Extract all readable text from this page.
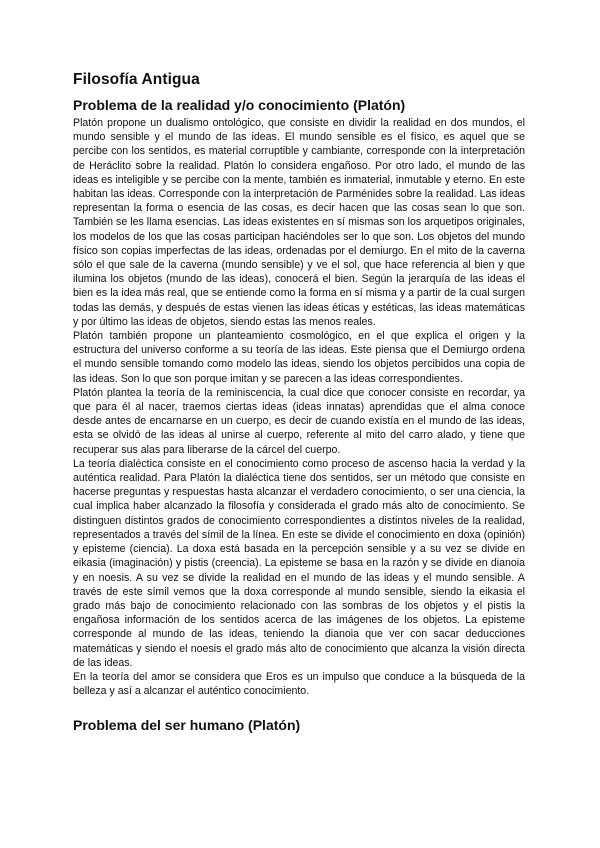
Filosofía Antigua
Problema de la realidad y/o conocimiento (Platón)

Platón propone un dualismo ontológico, que consiste en dividir la realidad en dos mundos, el mundo sensible y el mundo de las ideas. El mundo sensible es el físico, es aquel que se percibe con los sentidos, es material corruptible y cambiante, corresponde con la interpretación de Heráclito sobre la realidad. Platón lo considera engañoso. Por otro lado, el mundo de las ideas es inteligible y se percibe con la mente, también es inmaterial, inmutable y eterno. En este habitan las ideas. Corresponde con la interpretación de Parménides sobre la realidad. Las ideas representan la forma o esencia de las cosas, es decir hacen que las cosas sean lo que son. También se les llama esencias. Las ideas existentes en sí mismas son los arquetipos originales, los modelos de los que las cosas participan haciéndoles ser lo que son. Los objetos del mundo físico son copias imperfectas de las ideas, ordenadas por el demiurgo. En el mito de la caverna sólo el que sale de la caverna (mundo sensible) y ve el sol, que hace referencia al bien y que ilumina los objetos (mundo de las ideas), conocerá el bien. Según la jerarquía de las ideas el bien es la idea más real, que se entiende como la forma en sí misma y a partir de la cual surgen todas las demás, y después de estas vienen las ideas éticas y estéticas, las ideas matemáticas y por último las ideas de objetos, siendo estas las menos reales.

Platón también propone un planteamiento cosmológico, en el que explica el origen y la estructura del universo conforme a su teoría de las ideas. Este piensa que el Demiurgo ordena el mundo sensible tomando como modelo las ideas, siendo los objetos percibidos una copia de las ideas. Son lo que son porque imitan y se parecen a las ideas correspondientes.

Platón plantea la teoría de la reminiscencia, la cual dice que conocer consiste en recordar, ya que para él al nacer, traemos ciertas ideas (ideas innatas) aprendidas que el alma conoce desde antes de encarnarse en un cuerpo, es decir de cuando existía en el mundo de las ideas, esta se olvidó de las ideas al unirse al cuerpo, referente al mito del carro alado, y tiene que recuperar sus alas para liberarse de la cárcel del cuerpo.

La teoría dialéctica consiste en el conocimiento como proceso de ascenso hacia la verdad y la auténtica realidad. Para Platón la dialéctica tiene dos sentidos, ser un método que consiste en hacerse preguntas y respuestas hasta alcanzar el verdadero conocimiento, o ser una ciencia, la cual implica haber alcanzado la filosofía y considerada el grado más alto de conocimiento. Se distinguen distintos grados de conocimiento correspondientes a distintos niveles de la realidad, representados a través del símil de la línea. En este se divide el conocimiento en doxa (opinión) y episteme (ciencia). La doxa está basada en la percepción sensible y a su vez se divide en eikasia (imaginación) y pistis (creencia). La episteme se basa en la razón y se divide en dianoia y en noesis. A su vez se divide la realidad en el mundo de las ideas y el mundo sensible. A través de este símil vemos que la doxa corresponde al mundo sensible, siendo la eikasia el grado más bajo de conocimiento relacionado con las sombras de los objetos y el pistis la engañosa información de los sentidos acerca de las imágenes de los objetos. La episteme corresponde al mundo de las ideas, teniendo la dianoia que ver con sacar deducciones matemáticas y siendo el noesis el grado más alto de conocimiento que alcanza la visión directa de las ideas.

En la teoría del amor se considera que Eros es un impulso que conduce a la búsqueda de la belleza y así a alcanzar el auténtico conocimiento.

Problema del ser humano (Platón)
